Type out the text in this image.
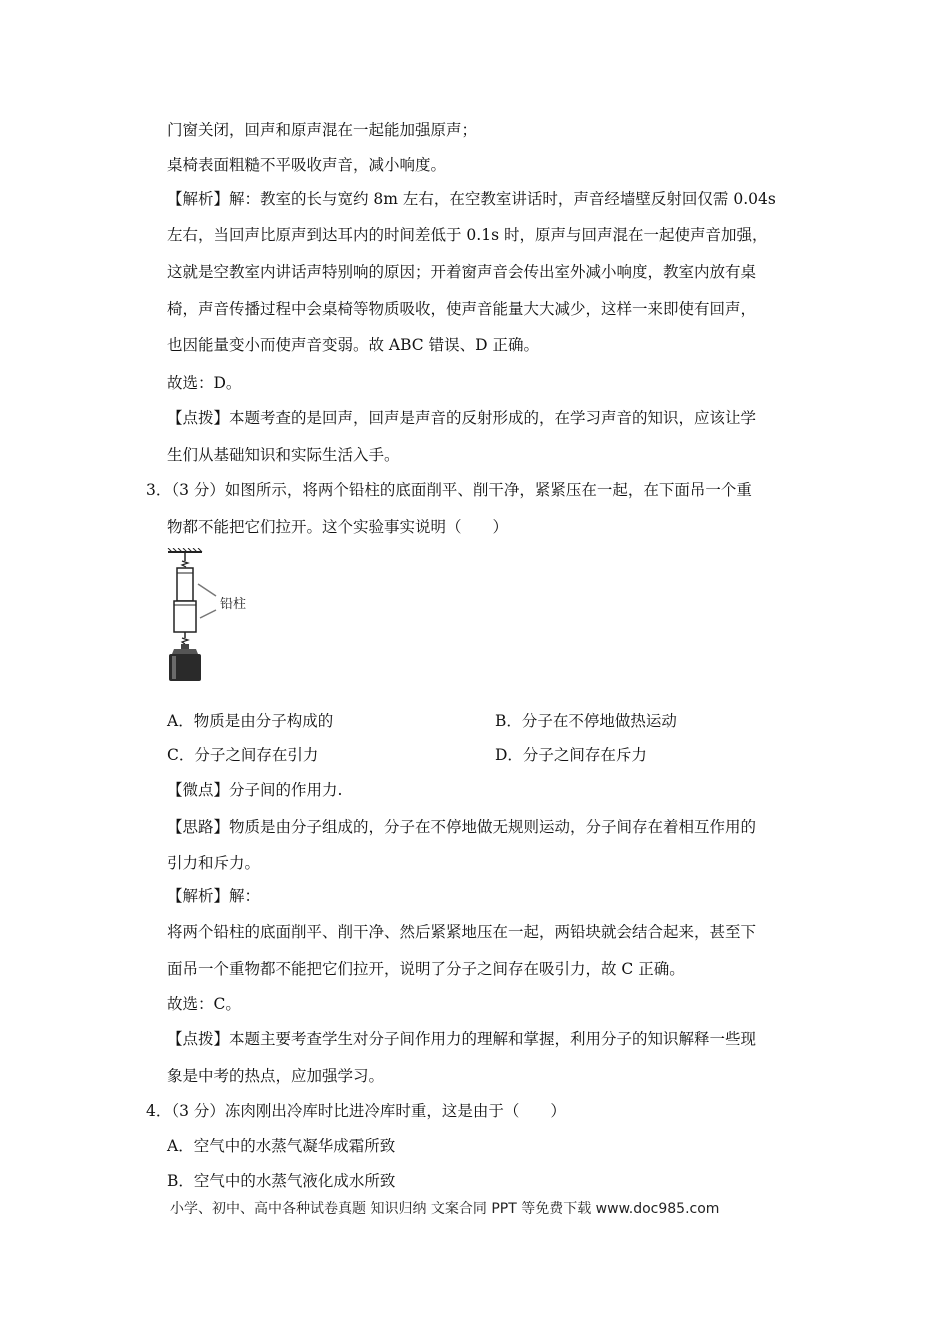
门窗关闭，回声和原声混在一起能加强原声；
桌椅表面粗糙不平吸收声音，减小响度。
【解析】解：教室的长与宽约 8m 左右，在空教室讲话时，声音经墙壁反射回仅需 0.04s
左右，当回声比原声到达耳内的时间差低于 0.1s 时，原声与回声混在一起使声音加强，
这就是空教室内讲话声特别响的原因；开着窗声音会传出室外减小响度，教室内放有桌
椅，声音传播过程中会桌椅等物质吸收，使声音能量大大减少，这样一来即使有回声，
也因能量变小而使声音变弱。故 ABC 错误、D 正确。
故选：D。
【点拨】本题考查的是回声，回声是声音的反射形成的，在学习声音的知识，应该让学
生们从基础知识和实际生活入手。
3．（3 分）如图所示，将两个铅柱的底面削平、削干净，紧紧压在一起，在下面吊一个重
物都不能把它们拉开。这个实验事实说明（　　）
铅柱
A．物质是由分子构成的	B．分子在不停地做热运动
C．分子之间存在引力	D．分子之间存在斥力
【微点】分子间的作用力.
【思路】物质是由分子组成的，分子在不停地做无规则运动，分子间存在着相互作用的
引力和斥力。
【解析】解：
将两个铅柱的底面削平、削干净、然后紧紧地压在一起，两铅块就会结合起来，甚至下
面吊一个重物都不能把它们拉开，说明了分子之间存在吸引力，故 C 正确。
故选：C。
【点拨】本题主要考查学生对分子间作用力的理解和掌握，利用分子的知识解释一些现
象是中考的热点，应加强学习。
4．（3 分）冻肉刚出冷库时比进冷库时重，这是由于（　　）
A．空气中的水蒸气凝华成霜所致
B．空气中的水蒸气液化成水所致
小学、初中、高中各种试卷真题 知识归纳 文案合同 PPT 等免费下载 www.doc985.com
